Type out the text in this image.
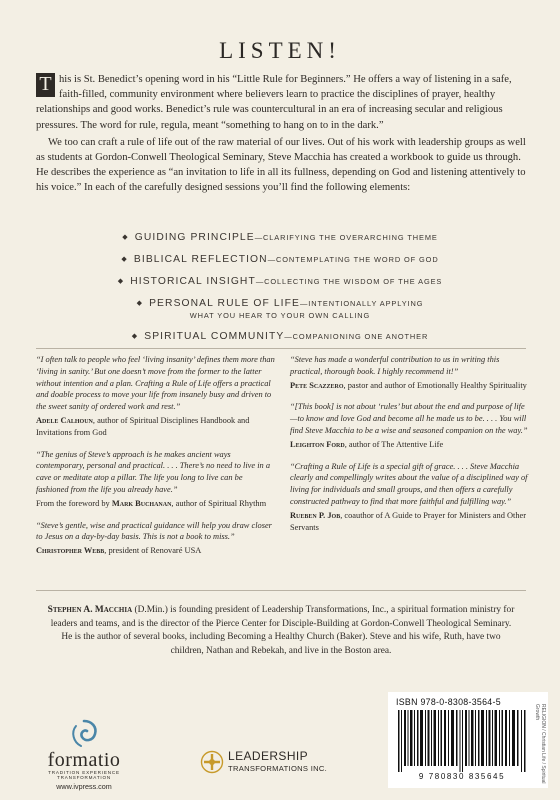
LISTEN!

T his is St. Benedict’s opening word in his “Little Rule for Beginners.” He offers a way of listening in a safe, faith-filled, community environment where believers learn to practice the disciplines of prayer, healthy relationships and good works. Benedict’s rule was countercultural in an era of increasing secular and religious pressures. The word for rule, regula, meant “something to hang on to in the dark.”

We too can craft a rule of life out of the raw material of our lives. Out of his work with leadership groups as well as students at Gordon-Conwell Theological Seminary, Steve Macchia has created a workbook to guide us through. He describes the experience as “an invitation to life in all its fullness, depending on God and listening attentively to his voice.” In each of the carefully designed sessions you’ll find the following elements:

◆ GUIDING PRINCIPLE—CLARIFYING THE OVERARCHING THEME
◆ BIBLICAL REFLECTION—CONTEMPLATING THE WORD OF GOD
◆ HISTORICAL INSIGHT—COLLECTING THE WISDOM OF THE AGES
◆ PERSONAL RULE OF LIFE—INTENTIONALLY APPLYING
WHAT YOU HEAR TO YOUR OWN CALLING
◆ SPIRITUAL COMMUNITY—COMPANIONING ONE ANOTHER

“I often talk to people who feel ‘living insanity’ defines them more than ‘living in sanity.’ But one doesn’t move from the former to the latter without intention and a plan. Crafting a Rule of Life offers a practical and doable process to move your life from insanely busy and driven to the sweet sanity of ordered work and rest.”

Adele Calhoun, author of Spiritual Disciplines Handbook and Invitations from God

“The genius of Steve’s approach is he makes ancient ways contemporary, personal and practical. . . . There’s no need to live in a cave or meditate atop a pillar. The life you long to live can be fashioned from the life you already have.”

From the foreword by Mark Buchanan, author of Spiritual Rhythm

“Steve’s gentle, wise and practical guidance will help you draw closer to Jesus on a day-by-day basis. This is not a book to miss.”

Christopher Webb, president of Renovaré USA

“Steve has made a wonderful contribution to us in writing this practical, thorough book. I highly recommend it!”

Pete Scazzero, pastor and author of Emotionally Healthy Spirituality

“[This book] is not about ‘rules’ but about the end and purpose of life—to know and love God and become all he made us to be. . . . You will find Steve Macchia to be a wise and seasoned companion on the way.”

Leighton Ford, author of The Attentive Life

“Crafting a Rule of Life is a special gift of grace. . . . Steve Macchia clearly and compellingly writes about the value of a disciplined way of living for individuals and small groups, and then offers a carefully constructed pathway to find that more faithful and fulfilling way.”

Rueben P. Job, coauthor of A Guide to Prayer for Ministers and Other Servants

Stephen A. Macchia (D.Min.) is founding president of Leadership Transformations, Inc., a spiritual formation ministry for leaders and teams, and is the director of the Pierce Center for Disciple-Building at Gordon-Conwell Theological Seminary. He is the author of several books, including Becoming a Healthy Church (Baker). Steve and his wife, Ruth, have two children, Nathan and Rebekah, and live in the Boston area.

ISBN 978-0-8308-3564-5
9 780830 835645	RELIGION / Christian Life / Spiritual Growth
formatio
TRADITION EXPERIENCE TRANSFORMATION
www.ivpress.com
LEADERSHIP
TRANSFORMATIONS INC.
